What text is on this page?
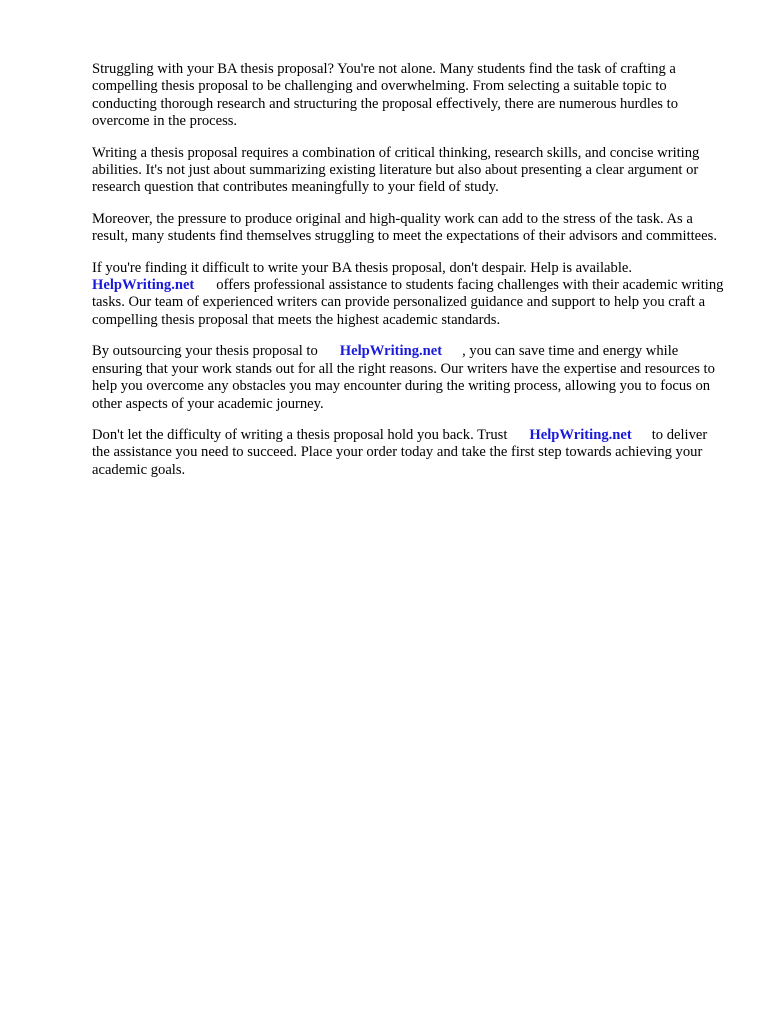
Struggling with your BA thesis proposal? You're not alone. Many students find the task of crafting a compelling thesis proposal to be challenging and overwhelming. From selecting a suitable topic to conducting thorough research and structuring the proposal effectively, there are numerous hurdles to overcome in the process.

Writing a thesis proposal requires a combination of critical thinking, research skills, and concise writing abilities. It's not just about summarizing existing literature but also about presenting a clear argument or research question that contributes meaningfully to your field of study.

Moreover, the pressure to produce original and high-quality work can add to the stress of the task. As a result, many students find themselves struggling to meet the expectations of their advisors and committees.

If you're finding it difficult to write your BA thesis proposal, don't despair. Help is available.
HelpWriting.net offers professional assistance to students facing challenges with their academic writing tasks. Our team of experienced writers can provide personalized guidance and support to help you craft a compelling thesis proposal that meets the highest academic standards.

By outsourcing your thesis proposal to HelpWriting.net , you can save time and energy while ensuring that your work stands out for all the right reasons. Our writers have the expertise and resources to help you overcome any obstacles you may encounter during the writing process, allowing you to focus on other aspects of your academic journey.

Don't let the difficulty of writing a thesis proposal hold you back. Trust HelpWriting.net to deliver the assistance you need to succeed. Place your order today and take the first step towards achieving your academic goals.
